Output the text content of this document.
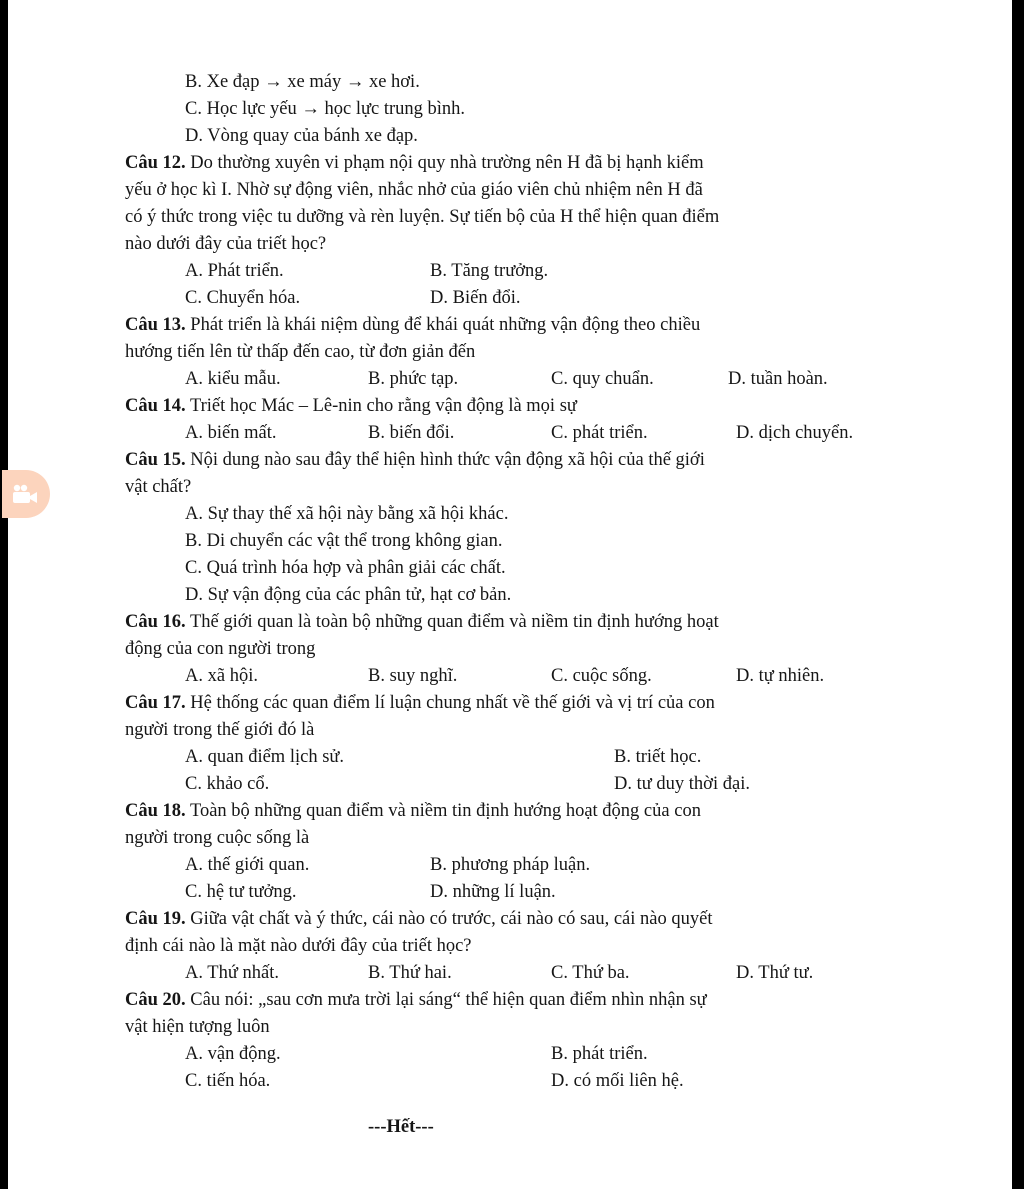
B. Xe đạp → xe máy → xe hơi.
C. Học lực yếu → học lực trung bình.
D. Vòng quay của bánh xe đạp.
Câu 12. Do thường xuyên vi phạm nội quy nhà trường nên H đã bị hạnh kiểm
yếu ở học kì I. Nhờ sự động viên, nhắc nhở của giáo viên chủ nhiệm nên H đã
có ý thức trong việc tu dưỡng và rèn luyện. Sự tiến bộ của H thể hiện quan điểm
nào dưới đây của triết học?
A. Phát triển.	B. Tăng trưởng.
C. Chuyển hóa.	D. Biến đổi.
Câu 13. Phát triển là khái niệm dùng để khái quát những vận động theo chiều
hướng tiến lên từ thấp đến cao, từ đơn giản đến
A. kiểu mẫu.	B. phức tạp.	C. quy chuẩn.	D. tuần hoàn.
Câu 14. Triết học Mác – Lê-nin cho rằng vận động là mọi sự
A. biến mất.	B. biến đổi.	C. phát triển.	D. dịch chuyển.
Câu 15. Nội dung nào sau đây thể hiện hình thức vận động xã hội của thế giới
vật chất?
A. Sự thay thế xã hội này bằng xã hội khác.
B. Di chuyển các vật thể trong không gian.
C. Quá trình hóa hợp và phân giải các chất.
D. Sự vận động của các phân tử, hạt cơ bản.
Câu 16. Thế giới quan là toàn bộ những quan điểm và niềm tin định hướng hoạt
động của con người trong
A. xã hội.	B. suy nghĩ.	C. cuộc sống.	D. tự nhiên.
Câu 17. Hệ thống các quan điểm lí luận chung nhất về thế giới và vị trí của con
người trong thế giới đó là
A. quan điểm lịch sử.	B. triết học.
C. khảo cổ.	D. tư duy thời đại.
Câu 18. Toàn bộ những quan điểm và niềm tin định hướng hoạt động của con
người trong cuộc sống là
A. thế giới quan.	B. phương pháp luận.
C. hệ tư tưởng.	D. những lí luận.
Câu 19. Giữa vật chất và ý thức, cái nào có trước, cái nào có sau, cái nào quyết
định cái nào là mặt nào dưới đây của triết học?
A. Thứ nhất.	B. Thứ hai.	C. Thứ ba.	D. Thứ tư.
Câu 20. Câu nói: „sau cơn mưa trời lại sáng“ thể hiện quan điểm nhìn nhận sự
vật hiện tượng luôn
A. vận động.	B. phát triển.
C. tiến hóa.	D. có mối liên hệ.
---Hết---
